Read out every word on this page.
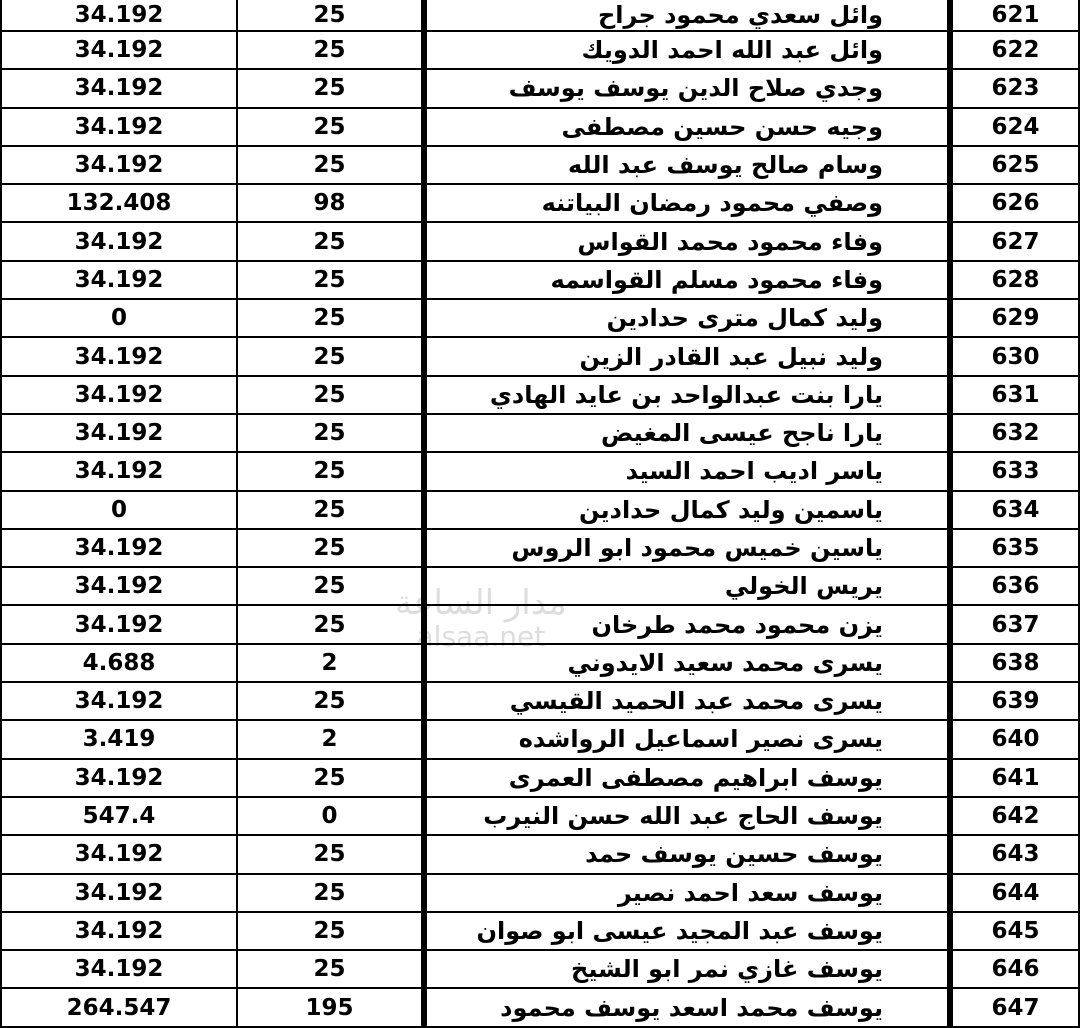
34.192	25	وائل سعدي محمود جراح	621
34.192	25	وائل عبد الله احمد الدويك	622
34.192	25	وجدي صلاح الدين يوسف يوسف	623
34.192	25	وجيه حسن حسين مصطفى	624
34.192	25	وسام صالح يوسف عبد الله	625
132.408	98	وصفي محمود رمضان البياتنه	626
34.192	25	وفاء محمود محمد القواس	627
34.192	25	وفاء محمود مسلم القواسمه	628
0	25	وليد كمال مترى حدادين	629
34.192	25	وليد نبيل عبد القادر الزين	630
34.192	25	يارا بنت عبدالواحد بن عايد الهادي	631
34.192	25	يارا ناجح عيسى المغيض	632
34.192	25	ياسر اديب احمد السيد	633
0	25	ياسمين وليد كمال حدادين	634
34.192	25	ياسين خميس محمود ابو الروس	635
34.192	25	يريس الخولي	636
34.192	25	يزن محمود محمد طرخان	637
4.688	2	يسرى محمد سعيد الايدوني	638
34.192	25	يسرى محمد عبد الحميد القيسي	639
3.419	2	يسرى نصير اسماعيل الرواشده	640
34.192	25	يوسف ابراهيم مصطفى العمرى	641
547.4	0	يوسف الحاج عبد الله حسن النيرب	642
34.192	25	يوسف حسين يوسف حمد	643
34.192	25	يوسف سعد احمد نصير	644
34.192	25	يوسف عبد المجيد عيسى ابو صوان	645
34.192	25	يوسف غازي نمر ابو الشيخ	646
264.547	195	يوسف محمد اسعد يوسف محمود	647
مدار الساعة
alsaa.net
